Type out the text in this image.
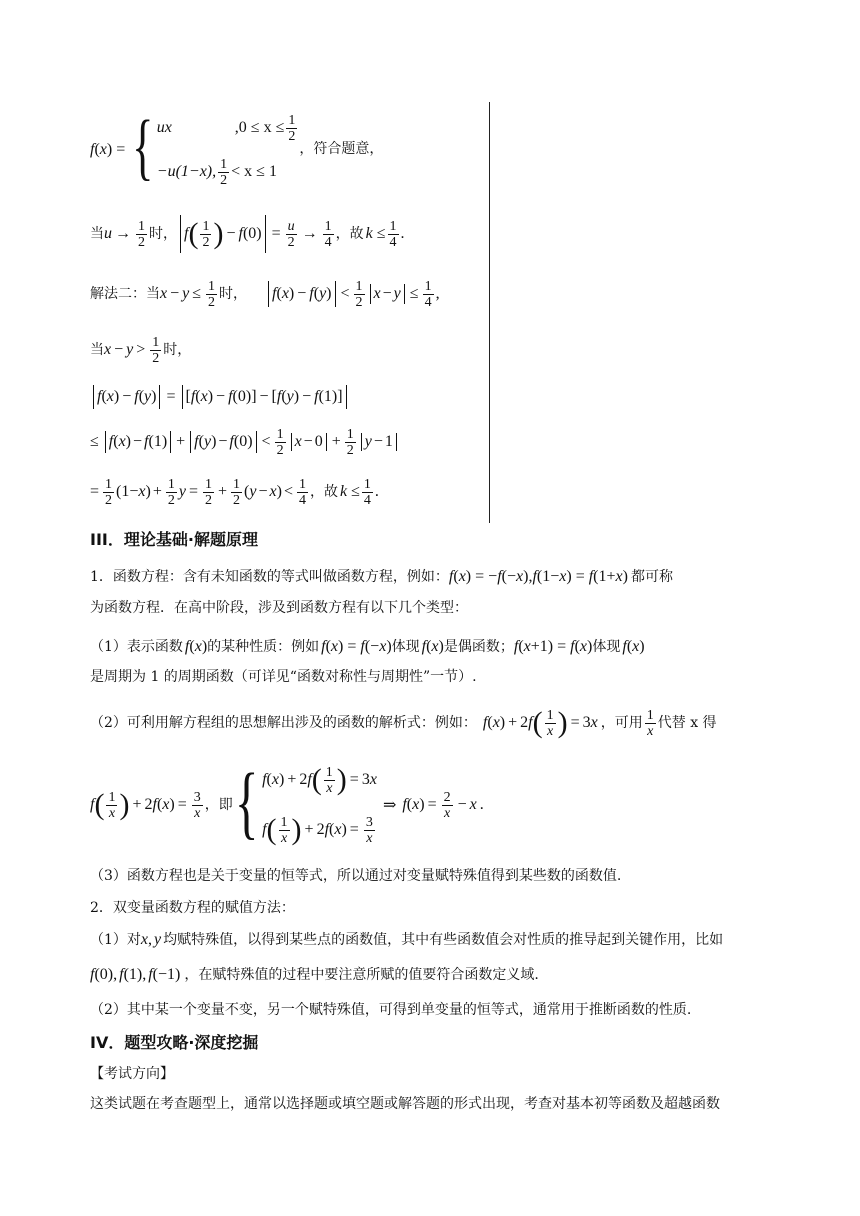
f ( x ) = { ux	$,0 \le x \le \frac{1}{2}$
−u(1−x), $\frac{1}{2} < x \le 1$
，符合题意，
当 $u \to \frac{1}{2}$ 时， f ( $\frac{1}{2}$ ) − f $(0) = \frac{u}{2} \to \frac{1}{4}$ ，故 $k \le \frac{1}{4}$ .
解法二：当 $x - y \le \frac{1}{2}$ 时， f ( x ) − f ( y ) < $\frac{1}{2}$ $x - y \le \frac{1}{4}$ ,
当 $x - y > \frac{1}{2}$ 时，
f ( x ) − f ( y ) = [ f ( x ) − f (0)] − [ f ( y ) − f (1)]
≤ f ( x ) − f (1) + f ( y ) − f $(0) < \frac{1}{2}$ $x - 0 + \frac{1}{2}$ y − 1
= $\frac{1}{2} (1- x$ ) + $\frac{1}{2}$ $y = \frac{1}{2} + \frac{1}{2}$ ( y − x ) < $\frac{1}{4}$ ，故 $k \le \frac{1}{4}$ .
III．理论基础·解题原理
1．函数方程：含有未知函数的等式叫做函数方程，例如： f ( x ) = − f (− x ), f (1− x ) = f (1+ x ) 都可称
为函数方程．在高中阶段，涉及到函数方程有以下几个类型：
（1）表示函数 f ( x ) 的某种性质：例如 f ( x ) = f (− x ) 体现 f ( x ) 是偶函数； f ( x +1) = f ( x ) 体现 f ( x )
是周期为 1 的周期函数（可详见“函数对称性与周期性”一节）.
（2）可利用解方程组的思想解出涉及的函数的解析式：例如： f ( x ) + 2 f ( $\frac{1}{x}$ ) = 3 x ，可用 $\frac{1}{x}$ 代替 x 得
f ( $\frac{1}{x}$ ) + 2 f ( x ) = $\frac{3}{x}$ ，即 { f ( x ) + 2 f ( $\frac{1}{x}$ ) = 3 x
f ( $\frac{1}{x}$ ) + 2 f ( x ) = $\frac{3}{x}$
⇒ f ( x ) = $\frac{2}{x} - x$ .
（3）函数方程也是关于变量的恒等式，所以通过对变量赋特殊值得到某些数的函数值.
2．双变量函数方程的赋值方法：
（1）对 x , y 均赋特殊值，以得到某些点的函数值，其中有些函数值会对性质的推导起到关键作用，比如
f (0), f (1), f (−1) ，在赋特殊值的过程中要注意所赋的值要符合函数定义域.
（2）其中某一个变量不变，另一个赋特殊值，可得到单变量的恒等式，通常用于推断函数的性质.
IV．题型攻略·深度挖掘
【考试方向】
这类试题在考查题型上，通常以选择题或填空题或解答题的形式出现，考查对基本初等函数及超越函数
